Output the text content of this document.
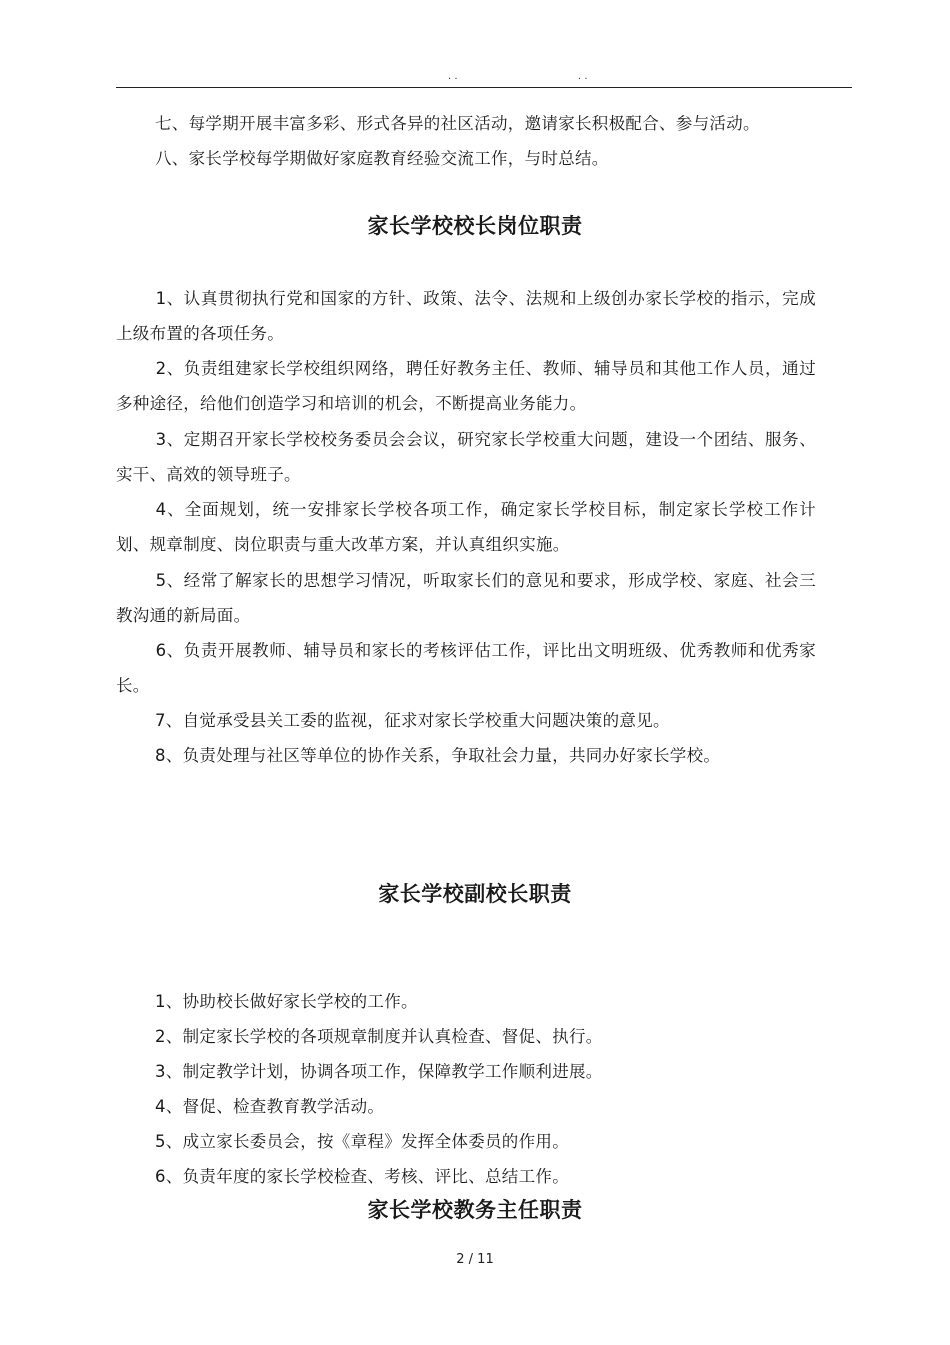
. .	. .

七、每学期开展丰富多彩、形式各异的社区活动，邀请家长积极配合、参与活动。

八、家长学校每学期做好家庭教育经验交流工作，与时总结。

家长学校校长岗位职责

1、认真贯彻执行党和国家的方针、政策、法令、法规和上级创办家长学校的指示，完成上级布置的各项任务。

2、负责组建家长学校组织网络，聘任好教务主任、教师、辅导员和其他工作人员，通过多种途径，给他们创造学习和培训的机会，不断提高业务能力。

3、定期召开家长学校校务委员会会议，研究家长学校重大问题，建设一个团结、服务、实干、高效的领导班子。

4、全面规划，统一安排家长学校各项工作，确定家长学校目标，制定家长学校工作计划、规章制度、岗位职责与重大改革方案，并认真组织实施。

5、经常了解家长的思想学习情况，听取家长们的意见和要求，形成学校、家庭、社会三教沟通的新局面。

6、负责开展教师、辅导员和家长的考核评估工作，评比出文明班级、优秀教师和优秀家长。

7、自觉承受县关工委的监视，征求对家长学校重大问题决策的意见。

8、负责处理与社区等单位的协作关系，争取社会力量，共同办好家长学校。

家长学校副校长职责

1、协助校长做好家长学校的工作。

2、制定家长学校的各项规章制度并认真检查、督促、执行。

3、制定教学计划，协调各项工作，保障教学工作顺利进展。

4、督促、检查教育教学活动。

5、成立家长委员会，按《章程》发挥全体委员的作用。

6、负责年度的家长学校检查、考核、评比、总结工作。

家长学校教务主任职责
2 / 11
